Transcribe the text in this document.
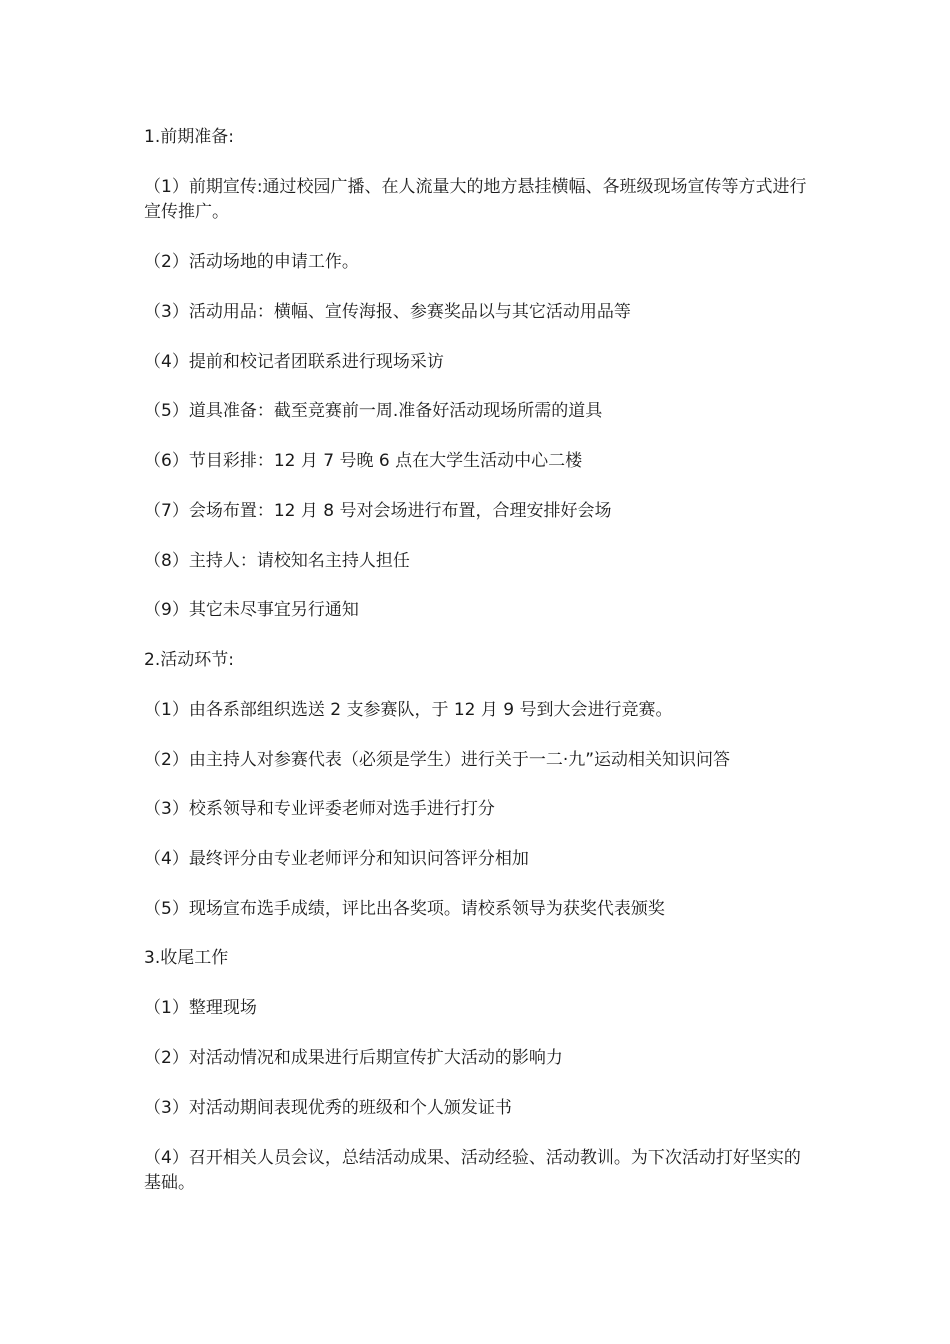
1.前期准备:

（1）前期宣传:通过校园广播、在人流量大的地方悬挂横幅、各班级现场宣传等方式进行宣传推广。

（2）活动场地的申请工作。

（3）活动用品：横幅、宣传海报、参赛奖品以与其它活动用品等

（4）提前和校记者团联系进行现场采访

（5）道具准备：截至竞赛前一周.准备好活动现场所需的道具

（6）节目彩排：12 月 7 号晚 6 点在大学生活动中心二楼

（7）会场布置：12 月 8 号对会场进行布置，合理安排好会场

（8）主持人：请校知名主持人担任

（9）其它未尽事宜另行通知

2.活动环节:

（1）由各系部组织选送 2 支参赛队，于 12 月 9 号到大会进行竞赛。

（2）由主持人对参赛代表（必须是学生）进行关于一二·九”运动相关知识问答

（3）校系领导和专业评委老师对选手进行打分

（4）最终评分由专业老师评分和知识问答评分相加

（5）现场宣布选手成绩，评比出各奖项。请校系领导为获奖代表颁奖

3.收尾工作

（1）整理现场

（2）对活动情况和成果进行后期宣传扩大活动的影响力

（3）对活动期间表现优秀的班级和个人颁发证书

（4）召开相关人员会议，总结活动成果、活动经验、活动教训。为下次活动打好坚实的基础。
